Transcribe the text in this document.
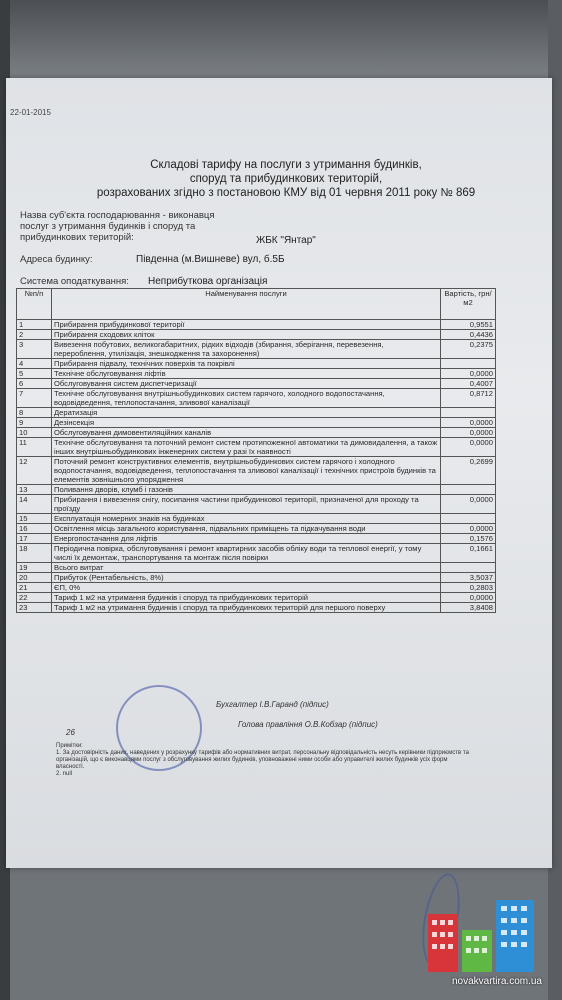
22-01-2015
Складові тарифу на послуги з утримання будинків,
споруд та прибудинкових територій,
розрахованих згідно з постановою КМУ від 01 червня 2011 року № 869
Назва суб'єкта господарювання - виконавця послуг з утримання будинків і споруд та прибудинкових територій:	ЖБК "Янтар"
Адреса будинку:	Південна (м.Вишневе) вул, б.5Б
Система оподаткування: Неприбуткова організація
№п/п	Найменування послуги	Вартість, грн/м2
1	Прибирання прибудинкової території	0,9551
2	Прибирання сходових кліток	0,4436
3	Вивезення побутових, великогабаритних, рідких відходів (збирання, зберігання, перевезення, перероблення, утилізація, знешкодження та захоронення)	0,2375
4	Прибирання підвалу, технічних поверхів та покрівлі	
5	Технічне обслуговування ліфтів	0,0000
6	Обслуговування систем диспетчеризації	0,4007
7	Технічне обслуговування внутрішньобудинкових систем гарячого, холодного водопостачання, водовідведення, теплопостачання, зливової каналізації	0,8712
8	Дератизація	
9	Дезінсекція	0,0000
10	Обслуговування димовентиляційних каналів	0,0000
11	Технічне обслуговування та поточний ремонт систем протипожежної автоматики та димовидалення, а також інших внутрішньобудинкових інженерних систем у разі їх наявності	0,0000
12	Поточний ремонт конструктивних елементів, внутрішньобудинкових систем гарячого і холодного водопостачання, водовідведення, теплопостачання та зливової каналізації і технічних пристроїв будинків та елементів зовнішнього упорядження	0,2699
13	Поливання дворів, клумб і газонів	
14	Прибирання і вивезення снігу, посипання частини прибудинкової території, призначеної для проходу та проїзду	0,0000
15	Експлуатація номерних знаків на будинках	
16	Освітлення місць загального користування, підвальних приміщень та підкачування води	0,0000
17	Енергопостачання для ліфтів	0,1576
18	Періодична повірка, обслуговування і ремонт квартирних засобів обліку води та теплової енергії, у тому числі їх демонтаж, транспортування та монтаж після повірки	0,1661
19	Всього витрат	
20	Прибуток (Рентабельність, 8%)	3,5037
21	ЄП, 0%	0,2803
22	Тариф 1 м2 на утримання будинків і споруд та прибудинкових територій	0,0000
23	Тариф 1 м2 на утримання будинків і споруд та прибудинкових територій для першого поверху	3,8408
Бухгалтер І.В.Гаранд (підпис)
Голова правління О.В.Кобзар (підпис)
26
Примітки:
1. За достовірність даних, наведених у розрахунку тарифів або нормативних витрат, персональну відповідальність несуть керівники підприємств та організацій, що є виконавцями послуг з обслуговування жилих будинків, уповноважені ними особи або управителі жилих будинків усіх форм власності.
2. null
novakvartira.com.ua
